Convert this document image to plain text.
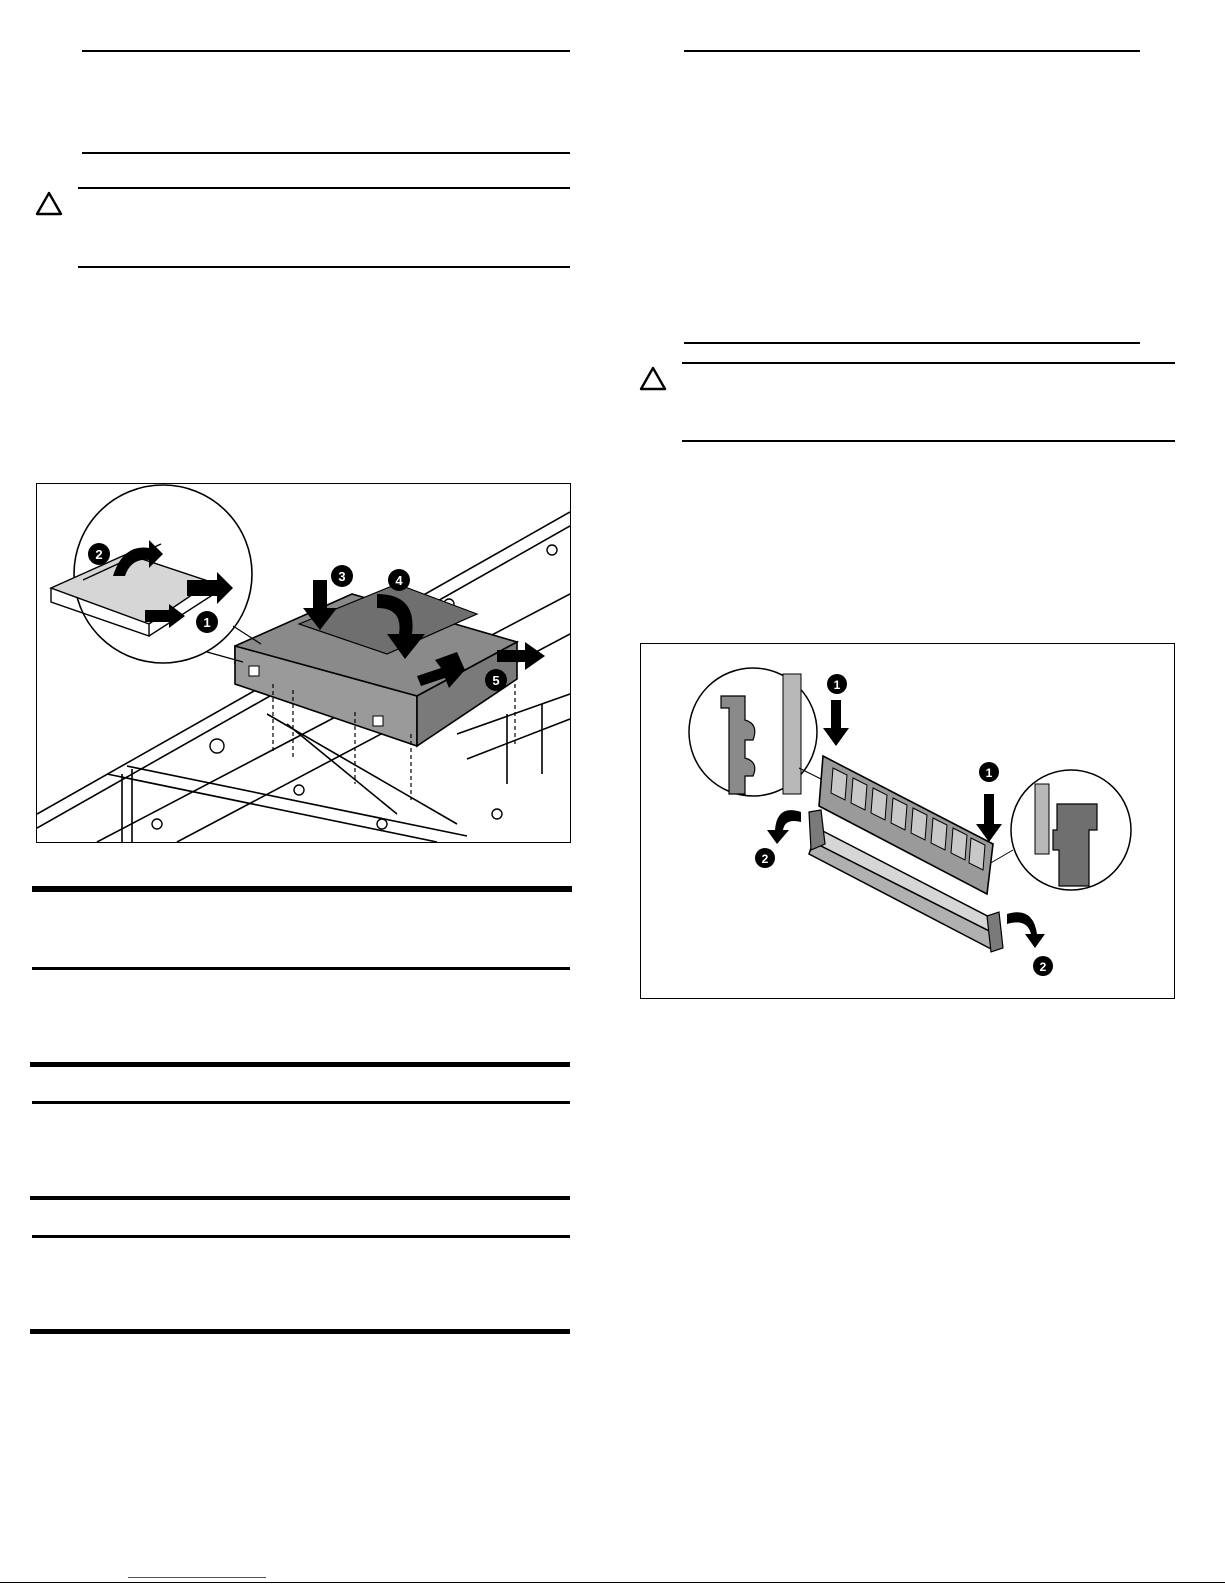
3	4
5
2
1
1
1
2
2
